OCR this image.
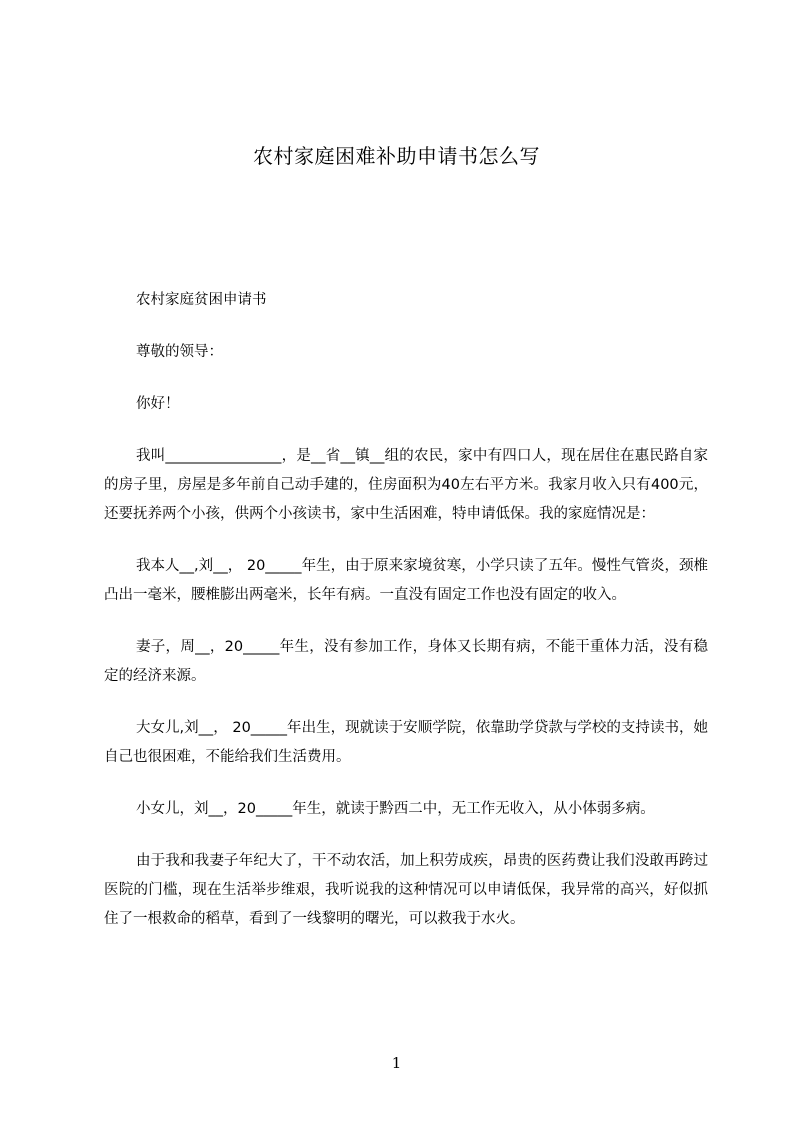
农村家庭困难补助申请书怎么写

农村家庭贫困申请书

尊敬的领导：

你好！

我叫________________，是__省__镇__组的农民，家中有四口人，现在居住在惠民路自家的房子里，房屋是多年前自己动手建的，住房面积为40左右平方米。我家月收入只有400元，还要抚养两个小孩，供两个小孩读书，家中生活困难，特申请低保。我的家庭情况是：

我本人__,刘__， 20_____年生，由于原来家境贫寒，小学只读了五年。慢性气管炎，颈椎凸出一毫米，腰椎膨出两毫米，长年有病。一直没有固定工作也没有固定的收入。

妻子，周__，20_____年生，没有参加工作，身体又长期有病，不能干重体力活，没有稳定的经济来源。

大女儿,刘__， 20_____年出生，现就读于安顺学院，依靠助学贷款与学校的支持读书，她自己也很困难，不能给我们生活费用。

小女儿，刘__，20_____年生，就读于黔西二中，无工作无收入，从小体弱多病。

由于我和我妻子年纪大了，干不动农活，加上积劳成疾，昂贵的医药费让我们没敢再跨过医院的门槛，现在生活举步维艰，我听说我的这种情况可以申请低保，我异常的高兴，好似抓住了一根救命的稻草，看到了一线黎明的曙光，可以救我于水火。

1
